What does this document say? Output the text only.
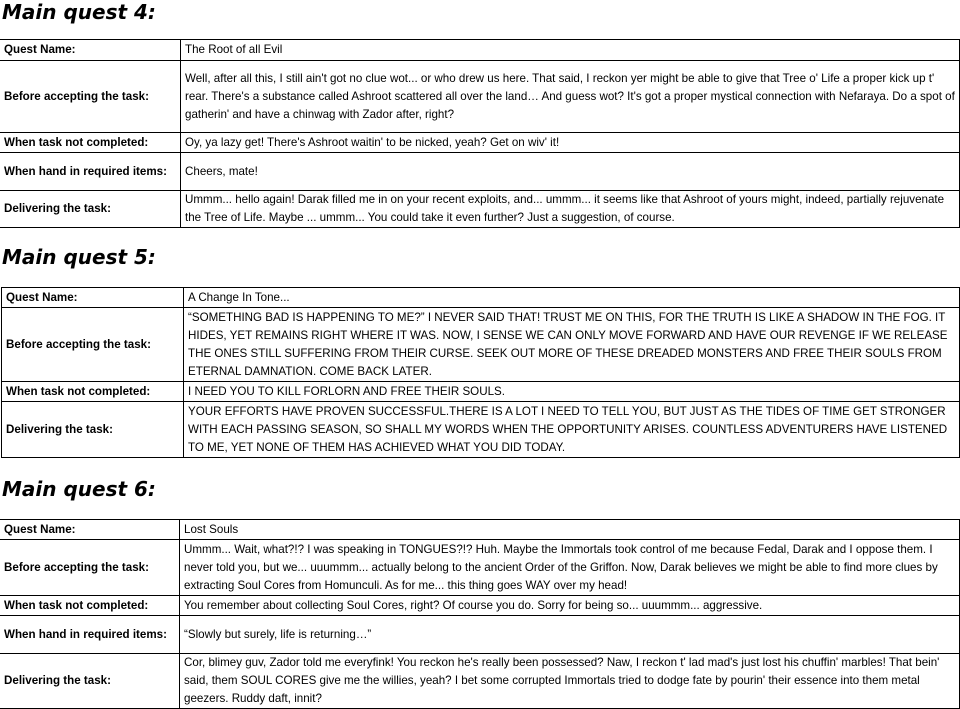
Main quest 4:
Quest Name:	The Root of all Evil
Before accepting the task:	Well, after all this, I still ain't got no clue wot... or who drew us here. That said, I reckon yer might be able to give that Tree o' Life a proper kick up t' rear. There's a substance called Ashroot scattered all over the land… And guess wot? It's got a proper mystical connection with Nefaraya. Do a spot of gatherin' and have a chinwag with Zador after, right?
When task not completed:	Oy, ya lazy get! There's Ashroot waitin' to be nicked, yeah? Get on wiv' it!
When hand in required items:	Cheers, mate!
Delivering the task:	Ummm... hello again! Darak filled me in on your recent exploits, and... ummm... it seems like that Ashroot of yours might, indeed, partially rejuvenate the Tree of Life. Maybe ... ummm... You could take it even further? Just a suggestion, of course.
Main quest 5:
Quest Name:	A Change In Tone...
Before accepting the task:	“SOMETHING BAD IS HAPPENING TO ME?” I NEVER SAID THAT! TRUST ME ON THIS, FOR THE TRUTH IS LIKE A SHADOW IN THE FOG. IT HIDES, YET REMAINS RIGHT WHERE IT WAS. NOW, I SENSE WE CAN ONLY MOVE FORWARD AND HAVE OUR REVENGE IF WE RELEASE THE ONES STILL SUFFERING FROM THEIR CURSE. SEEK OUT MORE OF THESE DREADED MONSTERS AND FREE THEIR SOULS FROM ETERNAL DAMNATION. COME BACK LATER.
When task not completed:	I NEED YOU TO KILL FORLORN AND FREE THEIR SOULS.
Delivering the task:	YOUR EFFORTS HAVE PROVEN SUCCESSFUL.THERE IS A LOT I NEED TO TELL YOU, BUT JUST AS THE TIDES OF TIME GET STRONGER WITH EACH PASSING SEASON, SO SHALL MY WORDS WHEN THE OPPORTUNITY ARISES. COUNTLESS ADVENTURERS HAVE LISTENED TO ME, YET NONE OF THEM HAS ACHIEVED WHAT YOU DID TODAY.
Main quest 6:
Quest Name:	Lost Souls
Before accepting the task:	Ummm... Wait, what?!? I was speaking in TONGUES?!? Huh. Maybe the Immortals took control of me because Fedal, Darak and I oppose them. I never told you, but we... uuummm... actually belong to the ancient Order of the Griffon. Now, Darak believes we might be able to find more clues by extracting Soul Cores from Homunculi. As for me... this thing goes WAY over my head!
When task not completed:	You remember about collecting Soul Cores, right? Of course you do. Sorry for being so... uuummm... aggressive.
When hand in required items:	“Slowly but surely, life is returning…”
Delivering the task:	Cor, blimey guv, Zador told me everyfink! You reckon he's really been possessed? Naw, I reckon t' lad mad's just lost his chuffin' marbles! That bein' said, them SOUL CORES give me the willies, yeah? I bet some corrupted Immortals tried to dodge fate by pourin' their essence into them metal geezers. Ruddy daft, innit?
